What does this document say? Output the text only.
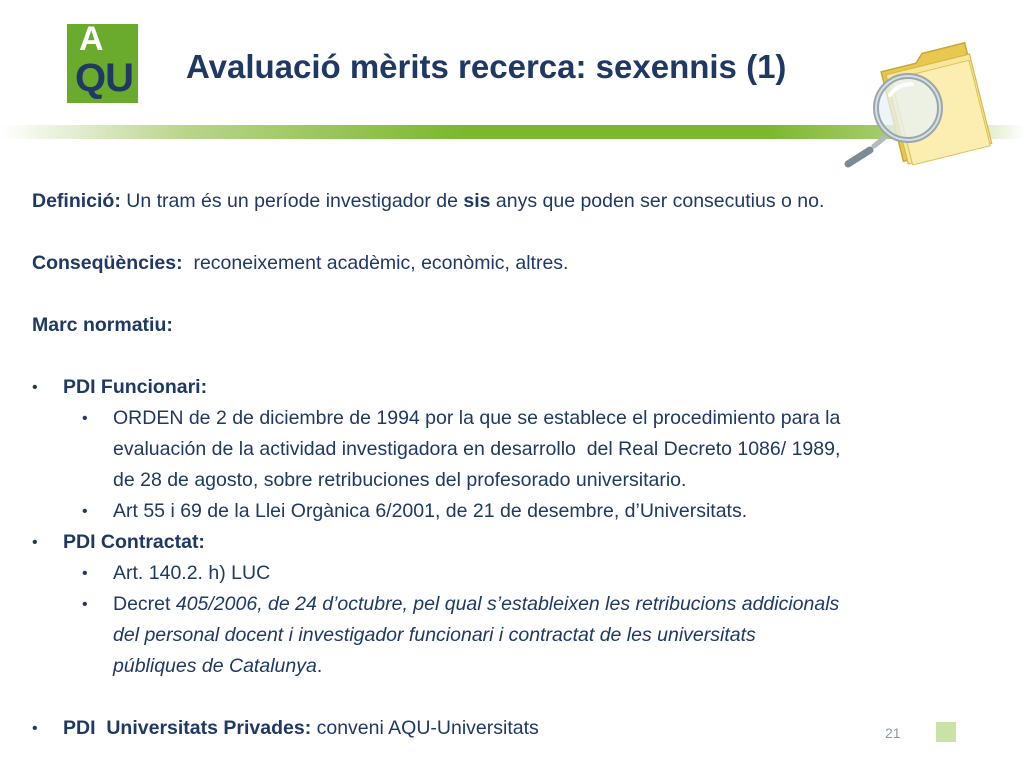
A
QU Avaluació mèrits recerca: sexennis (1)
Definició: Un tram és un període investigador de sis anys que poden ser consecutius o no.
Conseqüències:  reconeixement acadèmic, econòmic, altres.
Marc normatiu:
• PDI Funcionari:
• ORDEN de 2 de diciembre de 1994 por la que se establece el procedimiento para la
evaluación de la actividad investigadora en desarrollo  del Real Decreto 1086/ 1989,
de 28 de agosto, sobre retribuciones del profesorado universitario.
• Art 55 i 69 de la Llei Orgànica 6/2001, de 21 de desembre, d’Universitats.
• PDI Contractat:
• Art. 140.2. h) LUC
• Decret 405/2006, de 24 d’octubre, pel qual s’estableixen les retribucions addicionals
del personal docent i investigador funcionari i contractat de les universitats
públiques de Catalunya.
• PDI  Universitats Privades: conveni AQU-Universitats	21
